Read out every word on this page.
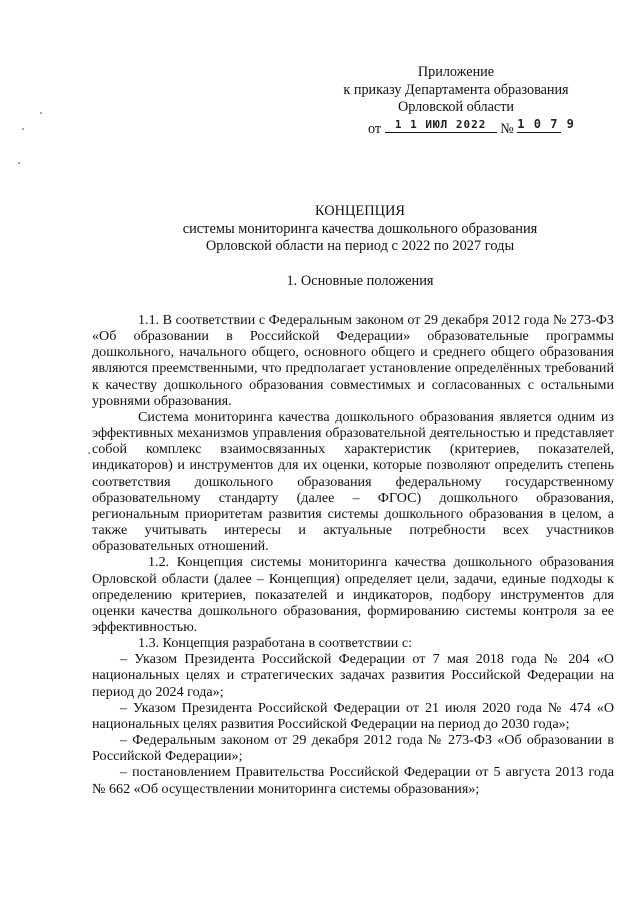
Приложение
к приказу Департамента образования
Орловской области
от	1 1 ИЮЛ 2022 № 1 0 7 9
КОНЦЕПЦИЯ
системы мониторинга качества дошкольного образования
Орловской области на период с 2022 по 2027 годы
1. Основные положения

1.1. В соответствии с Федеральным законом от 29 декабря 2012 года № 273-ФЗ «Об образовании в Российской Федерации» образовательные программы дошкольного, начального общего, основного общего и среднего общего образования являются преемственными, что предполагает установление определённых требований к качеству дошкольного образования совместимых и согласованных с остальными уровнями образования.

Система мониторинга качества дошкольного образования является одним из эффективных механизмов управления образовательной деятельностью и представляет собой комплекс взаимосвязанных характеристик (критериев, показателей, индикаторов) и инструментов для их оценки, которые позволяют определить степень соответствия дошкольного образования федеральному государственному образовательному стандарту (далее – ФГОС) дошкольного образования, региональным приоритетам развития системы дошкольного образования в целом, а также учитывать интересы и актуальные потребности всех участников образовательных отношений.

1.2. Концепция системы мониторинга качества дошкольного образования Орловской области (далее – Концепция) определяет цели, задачи, единые подходы к определению критериев, показателей и индикаторов, подбору инструментов для оценки качества дошкольного образования, формированию системы контроля за ее эффективностью.

1.3. Концепция разработана в соответствии с:

– Указом Президента Российской Федерации от 7 мая 2018 года № 204 «О национальных целях и стратегических задачах развития Российской Федерации на период до 2024 года»;

– Указом Президента Российской Федерации от 21 июля 2020 года № 474 «О национальных целях развития Российской Федерации на период до 2030 года»;

– Федеральным законом от 29 декабря 2012 года № 273-ФЗ «Об образовании в Российской Федерации»;

– постановлением Правительства Российской Федерации от 5 августа 2013 года № 662 «Об осуществлении мониторинга системы образования»;
